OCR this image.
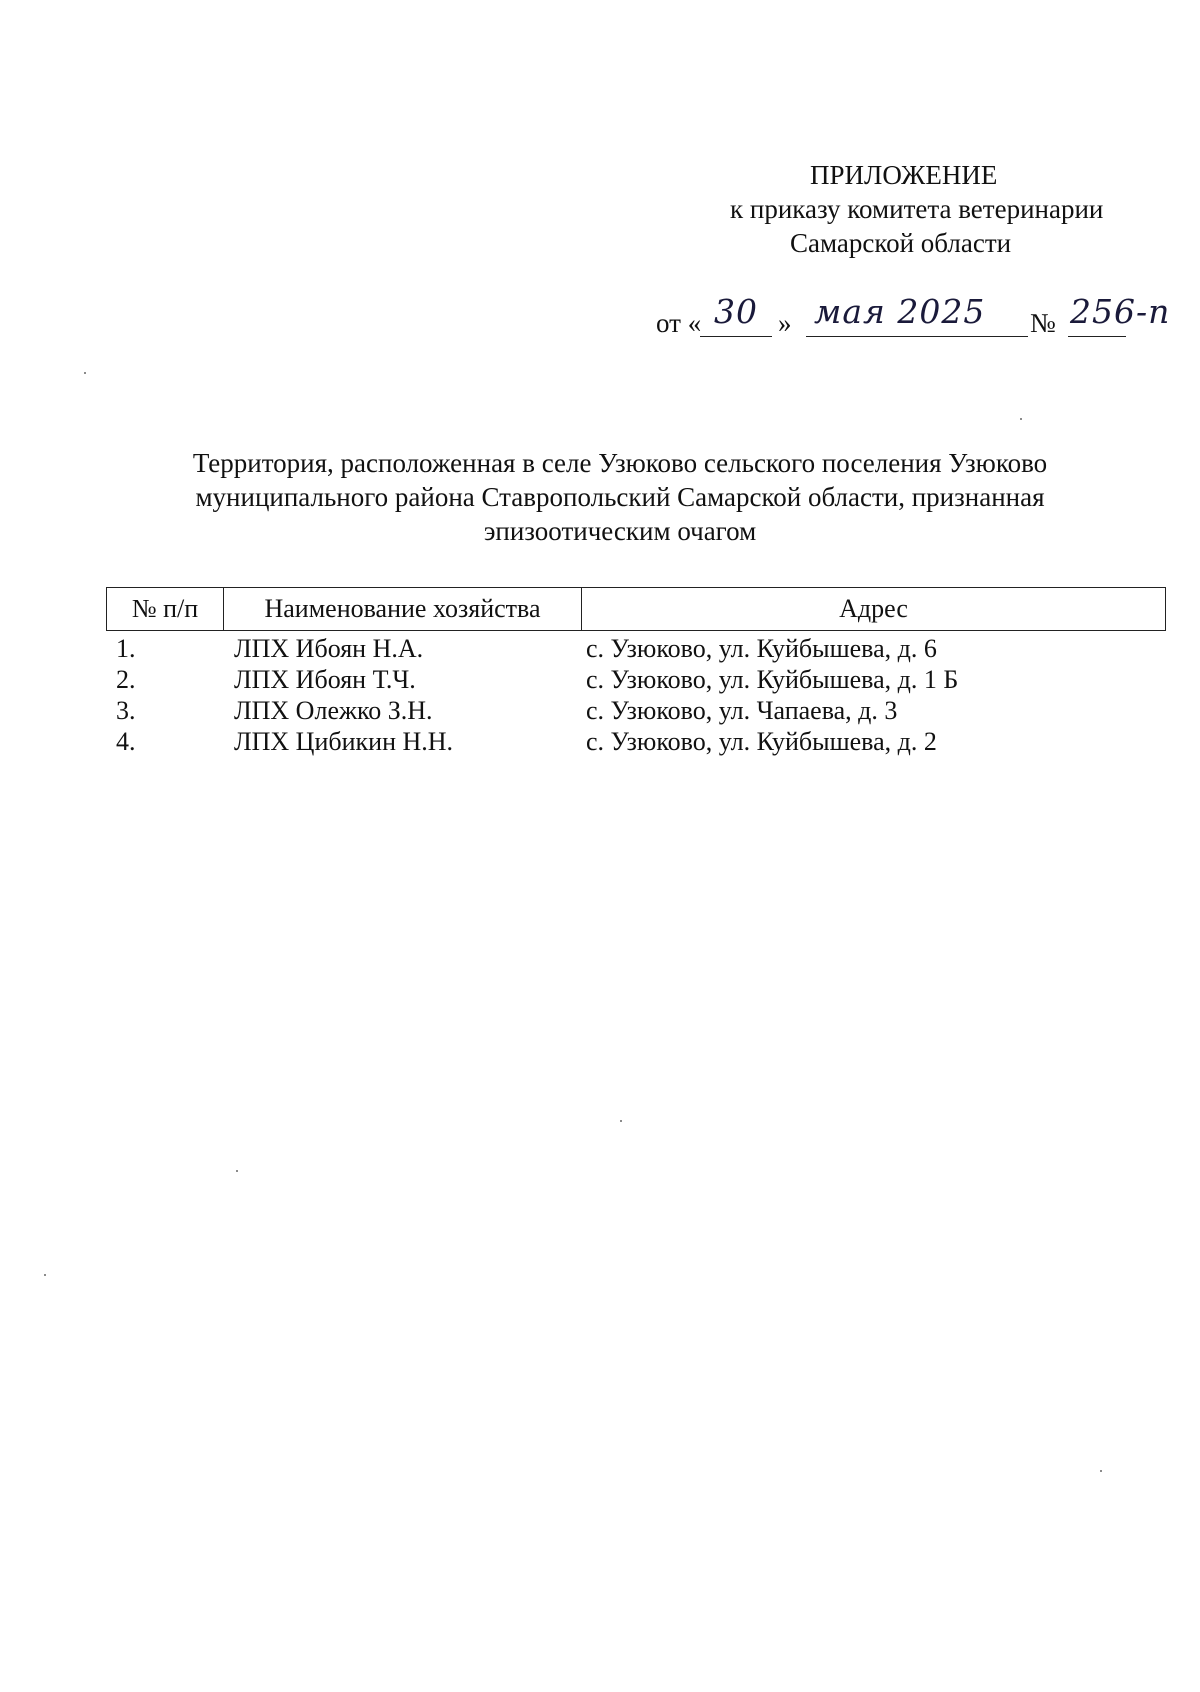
ПРИЛОЖЕНИЕ
к приказу комитета ветеринарии
Самарской области
от « 30 » мая 2025 № 256-п
Территория, расположенная в селе Узюково сельского поселения Узюково
муниципального района Ставропольский Самарской области, признанная
эпизоотическим очагом
№ п/п	Наименование хозяйства	Адрес
1.	ЛПХ Ибоян Н.А.	с. Узюково, ул. Куйбышева, д. 6
2.	ЛПХ Ибоян Т.Ч.	с. Узюково, ул. Куйбышева, д. 1 Б
3.	ЛПХ Олежко З.Н.	с. Узюково, ул. Чапаева, д. 3
4.	ЛПХ Цибикин Н.Н.	с. Узюково, ул. Куйбышева, д. 2
